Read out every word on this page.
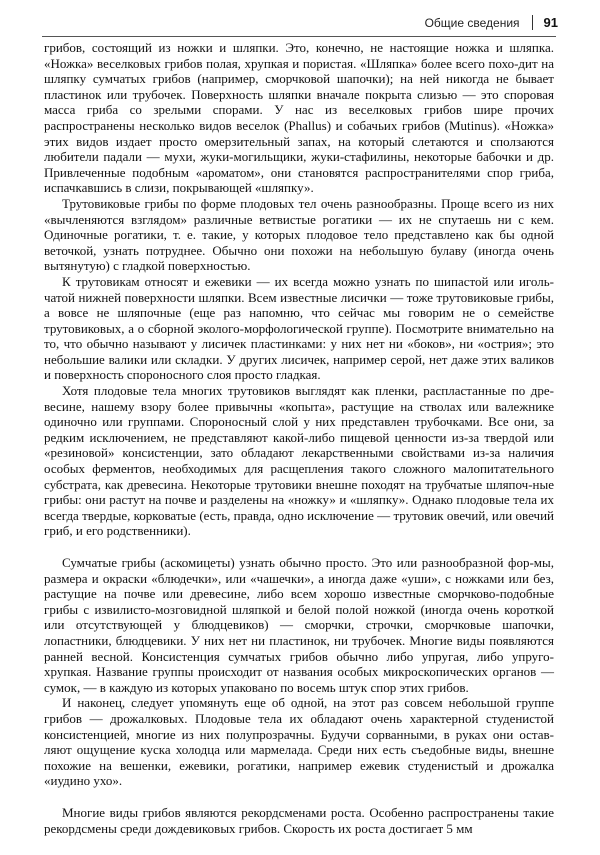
Общие сведения 91

грибов, состоящий из ножки и шляпки. Это, конечно, не настоящие ножка и шляпка. «Ножка» веселковых грибов полая, хрупкая и пористая. «Шляпка» более всего похо-дит на шляпку сумчатых грибов (например, сморчковой шапочки); на ней никогда не бывает пластинок или трубочек. Поверхность шляпки вначале покрыта слизью — это споровая масса гриба со зрелыми спорами. У нас из веселковых грибов шире прочих распространены несколько видов веселок (Phallus) и собачьих грибов (Mutinus). «Ножка» этих видов издает просто омерзительный запах, на который слетаются и сползаются любители падали — мухи, жуки-могильщики, жуки-стафилины, некоторые бабочки и др. Привлеченные подобным «ароматом», они становятся распространителями спор гриба, испачкавшись в слизи, покрывающей «шляпку».

Трутовиковые грибы по форме плодовых тел очень разнообразны. Проще всего из них «вычленяются взглядом» различные ветвистые рогатики — их не спутаешь ни с кем. Одиночные рогатики, т. е. такие, у которых плодовое тело представлено как бы одной веточкой, узнать потруднее. Обычно они похожи на небольшую булаву (иногда очень вытянутую) с гладкой поверхностью.

К трутовикам относят и ежевики — их всегда можно узнать по шипастой или иголь-чатой нижней поверхности шляпки. Всем известные лисички — тоже трутовиковые грибы, а вовсе не шляпочные (еще раз напомню, что сейчас мы говорим не о семействе трутовиковых, а о сборной эколого-морфологической группе). Посмотрите внимательно на то, что обычно называют у лисичек пластинками: у них нет ни «боков», ни «острия»; это небольшие валики или складки. У других лисичек, например серой, нет даже этих валиков и поверхность спороносного слоя просто гладкая.

Хотя плодовые тела многих трутовиков выглядят как пленки, распластанные по дре-весине, нашему взору более привычны «копыта», растущие на стволах или валежнике одиночно или группами. Спороносный слой у них представлен трубочками. Все они, за редким исключением, не представляют какой-либо пищевой ценности из-за твердой или «резиновой» консистенции, зато обладают лекарственными свойствами из-за наличия особых ферментов, необходимых для расщепления такого сложного малопитательного субстрата, как древесина. Некоторые трутовики внешне походят на трубчатые шляпоч-ные грибы: они растут на почве и разделены на «ножку» и «шляпку». Однако плодовые тела их всегда твердые, корковатые (есть, правда, одно исключение — трутовик овечий, или овечий гриб, и его родственники).

Сумчатые грибы (аскомицеты) узнать обычно просто. Это или разнообразной фор-мы, размера и окраски «блюдечки», или «чашечки», а иногда даже «уши», с ножками или без, растущие на почве или древесине, либо всем хорошо известные сморчково-подобные грибы с извилисто-мозговидной шляпкой и белой полой ножкой (иногда очень короткой или отсутствующей у блюдцевиков) — сморчки, строчки, сморчковые шапочки, лопастники, блюдцевики. У них нет ни пластинок, ни трубочек. Многие виды появляются ранней весной. Консистенция сумчатых грибов обычно либо упругая, либо упруго-хрупкая. Название группы происходит от названия особых микроскопических органов — сумок, — в каждую из которых упаковано по восемь штук спор этих грибов.

И наконец, следует упомянуть еще об одной, на этот раз совсем небольшой группе грибов — дрожалковых. Плодовые тела их обладают очень характерной студенистой консистенцией, многие из них полупрозрачны. Будучи сорванными, в руках они остав-ляют ощущение куска холодца или мармелада. Среди них есть съедобные виды, внешне похожие на вешенки, ежевики, рогатики, например ежевик студенистый и дрожалка «иудино ухо».

Многие виды грибов являются рекордсменами роста. Особенно распространены такие рекордсмены среди дождевиковых грибов. Скорость их роста достигает 5 мм
